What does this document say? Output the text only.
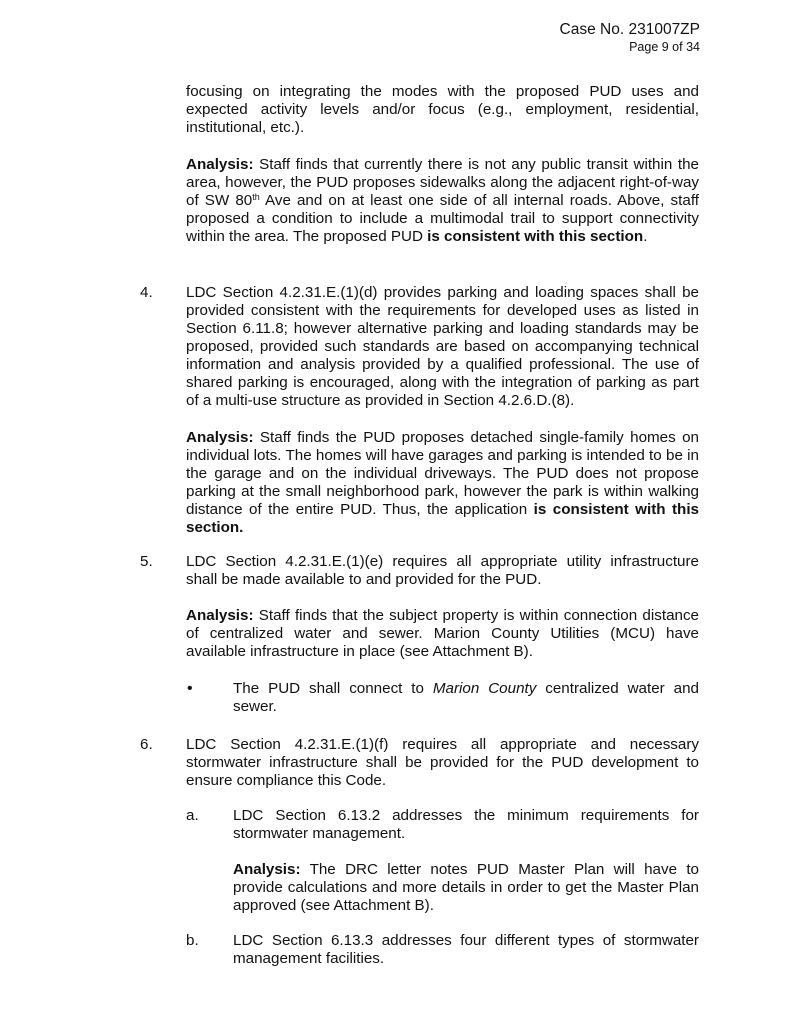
Case No. 231007ZP
Page 9 of 34
focusing on integrating the modes with the proposed PUD uses and expected activity levels and/or focus (e.g., employment, residential, institutional, etc.).
Analysis: Staff finds that currently there is not any public transit within the area, however, the PUD proposes sidewalks along the adjacent right-of-way of SW 80th Ave and on at least one side of all internal roads. Above, staff proposed a condition to include a multimodal trail to support connectivity within the area. The proposed PUD is consistent with this section.
4. LDC Section 4.2.31.E.(1)(d) provides parking and loading spaces shall be provided consistent with the requirements for developed uses as listed in Section 6.11.8; however alternative parking and loading standards may be proposed, provided such standards are based on accompanying technical information and analysis provided by a qualified professional. The use of shared parking is encouraged, along with the integration of parking as part of a multi-use structure as provided in Section 4.2.6.D.(8).
Analysis: Staff finds the PUD proposes detached single-family homes on individual lots. The homes will have garages and parking is intended to be in the garage and on the individual driveways. The PUD does not propose parking at the small neighborhood park, however the park is within walking distance of the entire PUD. Thus, the application is consistent with this section.
5. LDC Section 4.2.31.E.(1)(e) requires all appropriate utility infrastructure shall be made available to and provided for the PUD.
Analysis: Staff finds that the subject property is within connection distance of centralized water and sewer. Marion County Utilities (MCU) have available infrastructure in place (see Attachment B).
•	The PUD shall connect to Marion County centralized water and sewer.
6. LDC Section 4.2.31.E.(1)(f) requires all appropriate and necessary stormwater infrastructure shall be provided for the PUD development to ensure compliance this Code.
a. LDC Section 6.13.2 addresses the minimum requirements for stormwater management.
Analysis: The DRC letter notes PUD Master Plan will have to provide calculations and more details in order to get the Master Plan approved (see Attachment B).
b. LDC Section 6.13.3 addresses four different types of stormwater management facilities.
